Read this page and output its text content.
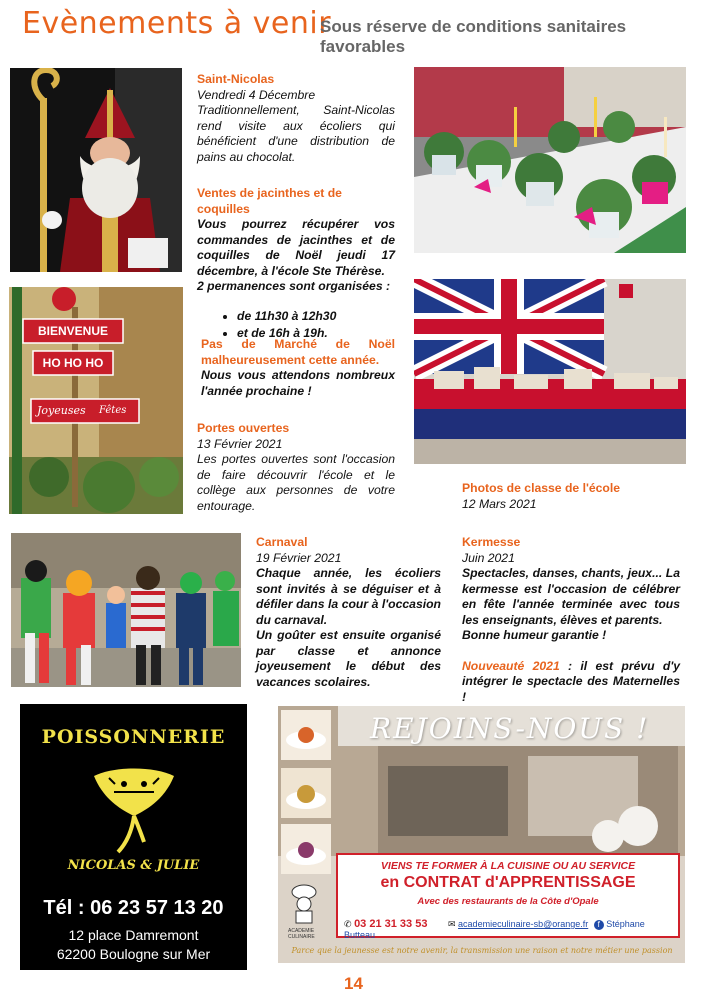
Evènements à venir
Sous réserve de conditions sanitaires favorables
Saint-Nicolas
Vendredi 4 Décembre
Traditionnellement, Saint-Nicolas rend visite aux écoliers qui bénéficient d'une distribution de pains au chocolat.
Ventes de jacinthes et de coquilles
Vous pourrez récupérer vos commandes de jacinthes et de coquilles de Noël jeudi 17 décembre, à l'école Ste Thérèse.
2 permanences sont organisées :
• de 11h30 à 12h30
• et de 16h à 19h.
BIENVENUE
HO HO HO
Joyeuses Fêtes
Pas de Marché de Noël malheureusement cette année.
Nous vous attendons nombreux l'année prochaine !
Portes ouvertes
13 Février 2021
Les portes ouvertes sont l'occasion de faire découvrir l'école et le collège aux personnes de votre entourage.
Photos de classe de l'école
12 Mars 2021
Carnaval
19 Février 2021
Chaque année, les écoliers sont invités à se déguiser et à défiler dans la cour à l'occasion du carnaval.
Un goûter est ensuite organisé par classe et annonce joyeusement le début des vacances scolaires.
Kermesse
Juin 2021
Spectacles, danses, chants, jeux... La kermesse est l'occasion de célébrer en fête l'année terminée avec tous les enseignants, élèves et parents.
Bonne humeur garantie !
Nouveauté 2021 : il est prévu d'y intégrer le spectacle des Maternelles !
POISSONNERIE
NICOLAS & JULIE
Tél : 06 23 57 13 20
12 place Damremont
62200 Boulogne sur Mer
ACADEMIE CULINAIRE
REJOINS-NOUS !
VIENS TE FORMER À LA CUISINE OU AU SERVICE
en CONTRAT d'APPRENTISSAGE
Avec des restaurants de la Côte d'Opale
✆ 03 21 31 33 53 ✉ academieculinaire-sb@orange.fr f Stéphane Butteau
Parce que la jeunesse est notre avenir, la transmission une raison et notre métier une passion
14
